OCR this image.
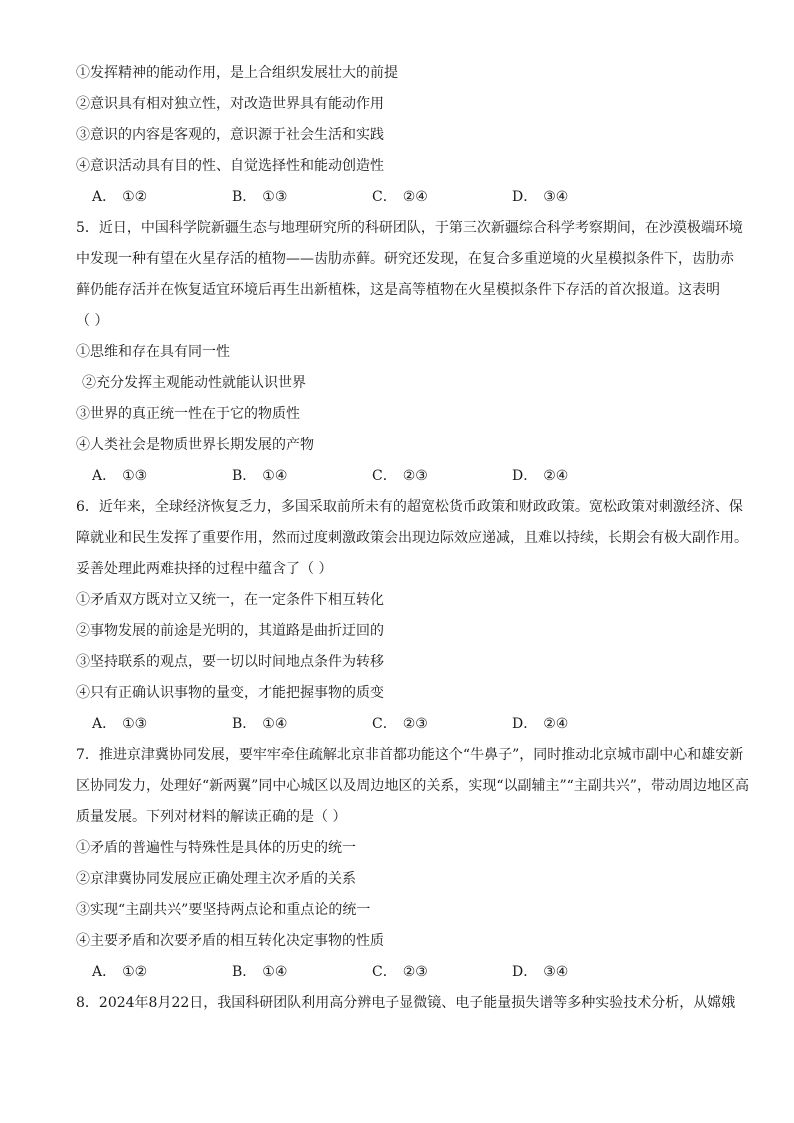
①发挥精神的能动作用，是上合组织发展壮大的前提
②意识具有相对独立性，对改造世界具有能动作用
③意识的内容是客观的，意识源于社会生活和实践
④意识活动具有目的性、自觉选择性和能动创造性
A． ①②	B． ①③	C． ②④	D． ③④
5．近日，中国科学院新疆生态与地理研究所的科研团队，于第三次新疆综合科学考察期间，在沙漠极端环境
中发现一种有望在火星存活的植物——齿肋赤藓。研究还发现，在复合多重逆境的火星模拟条件下，齿肋赤
藓仍能存活并在恢复适宜环境后再生出新植株，这是高等植物在火星模拟条件下存活的首次报道。这表明
（ ）
①思维和存在具有同一性
②充分发挥主观能动性就能认识世界
③世界的真正统一性在于它的物质性
④人类社会是物质世界长期发展的产物
A． ①③	B． ①④	C． ②③	D． ②④
6．近年来，全球经济恢复乏力，多国采取前所未有的超宽松货币政策和财政政策。宽松政策对刺激经济、保
障就业和民生发挥了重要作用，然而过度刺激政策会出现边际效应递减，且难以持续，长期会有极大副作用。
妥善处理此两难抉择的过程中蕴含了（ ）
①矛盾双方既对立又统一，在一定条件下相互转化
②事物发展的前途是光明的，其道路是曲折迂回的
③坚持联系的观点，要一切以时间地点条件为转移
④只有正确认识事物的量变，才能把握事物的质变
A． ①③	B． ①④	C． ②③	D． ②④
7．推进京津冀协同发展，要牢牢牵住疏解北京非首都功能这个“牛鼻子”，同时推动北京城市副中心和雄安新
区协同发力，处理好“新两翼”同中心城区以及周边地区的关系，实现“以副辅主”“主副共兴”，带动周边地区高
质量发展。下列对材料的解读正确的是（ ）
①矛盾的普遍性与特殊性是具体的历史的统一
②京津冀协同发展应正确处理主次矛盾的关系
③实现“主副共兴”要坚持两点论和重点论的统一
④主要矛盾和次要矛盾的相互转化决定事物的性质
A． ①②	B． ①④	C． ②③	D． ③④
8．2024年8月22日，我国科研团队利用高分辨电子显微镜、电子能量损失谱等多种实验技术分析，从嫦娥
